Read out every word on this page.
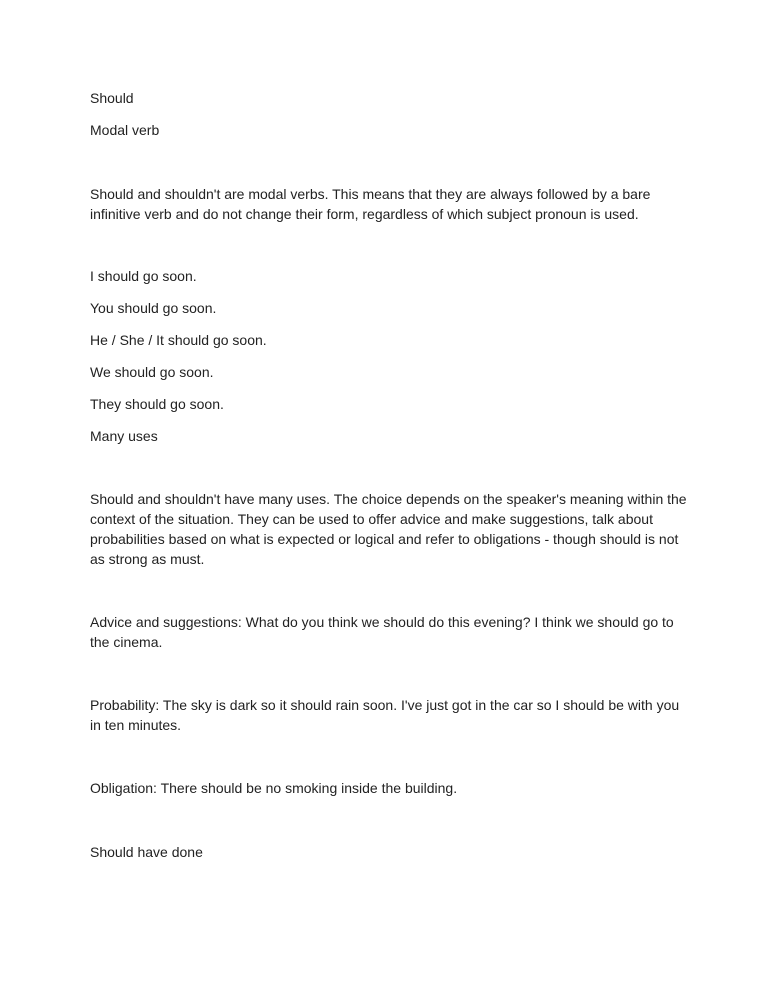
Should

Modal verb

Should and shouldn't are modal verbs. This means that they are always followed by a bare infinitive verb and do not change their form, regardless of which subject pronoun is used.

I should go soon.

You should go soon.

He / She / It should go soon.

We should go soon.

They should go soon.

Many uses

Should and shouldn't have many uses. The choice depends on the speaker's meaning within the context of the situation. They can be used to offer advice and make suggestions, talk about probabilities based on what is expected or logical and refer to obligations - though should is not as strong as must.

Advice and suggestions: What do you think we should do this evening? I think we should go to the cinema.

Probability: The sky is dark so it should rain soon. I've just got in the car so I should be with you in ten minutes.

Obligation: There should be no smoking inside the building.

Should have done
